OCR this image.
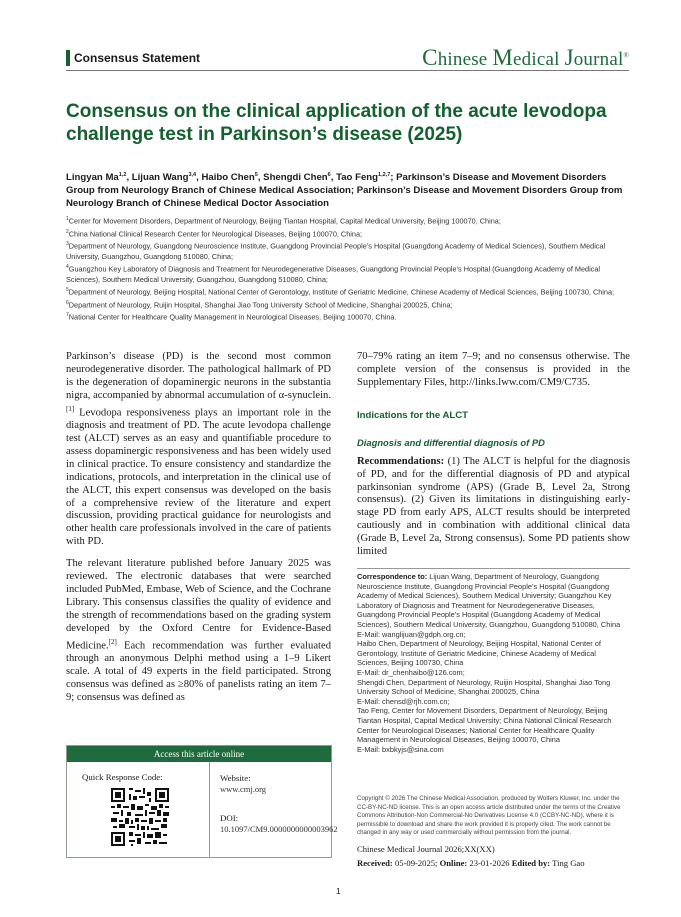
Consensus Statement	Chinese Medical Journal®
Consensus on the clinical application of the acute levodopa challenge test in Parkinson’s disease (2025)
Lingyan Ma$^{1,2}$, Lijuan Wang$^{3,4}$, Haibo Chen$^5$, Shengdi Chen$^6$, Tao Feng$^{1,2,7}$; Parkinson’s Disease and Movement Disorders Group from Neurology Branch of Chinese Medical Association; Parkinson’s Disease and Movement Disorders Group from Neurology Branch of Chinese Medical Doctor Association

$^1$Center for Movement Disorders, Department of Neurology, Beijing Tiantan Hospital, Capital Medical University, Beijing 100070, China;

$^2$China National Clinical Research Center for Neurological Diseases, Beijing 100070, China;

$^3$Department of Neurology, Guangdong Neuroscience Institute, Guangdong Provincial People’s Hospital (Guangdong Academy of Medical Sciences), Southern Medical University, Guangzhou, Guangdong 510080, China;

$^4$Guangzhou Key Laboratory of Diagnosis and Treatment for Neurodegenerative Diseases, Guangdong Provincial People’s Hospital (Guangdong Academy of Medical Sciences), Southern Medical University, Guangzhou, Guangdong 510080, China;

$^5$Department of Neurology, Beijing Hospital, National Center of Gerontology, Institute of Geriatric Medicine, Chinese Academy of Medical Sciences, Beijing 100730, China;

$^6$Department of Neurology, Ruijin Hospital, Shanghai Jiao Tong University School of Medicine, Shanghai 200025, China;

$^7$National Center for Healthcare Quality Management in Neurological Diseases, Beijing 100070, China.

Parkinson’s disease (PD) is the second most common neurodegenerative disorder. The pathological hallmark of PD is the degeneration of dopaminergic neurons in the substantia nigra, accompanied by abnormal accumulation of α-synuclein.[1] Levodopa responsiveness plays an important role in the diagnosis and treatment of PD. The acute levodopa challenge test (ALCT) serves as an easy and quantifiable procedure to assess dopaminergic responsiveness and has been widely used in clinical practice. To ensure consistency and standardize the indications, protocols, and interpretation in the clinical use of the ALCT, this expert consensus was developed on the basis of a comprehensive review of the literature and expert discussion, providing practical guidance for neurologists and other health care professionals involved in the care of patients with PD.

The relevant literature published before January 2025 was reviewed. The electronic databases that were searched included PubMed, Embase, Web of Science, and the Cochrane Library. This consensus classifies the quality of evidence and the strength of recommendations based on the grading system developed by the Oxford Centre for Evidence-Based Medicine.[2] Each recommendation was further evaluated through an anonymous Delphi method using a 1–9 Likert scale. A total of 49 experts in the field participated. Strong consensus was defined as ≥80% of panelists rating an item 7–9; consensus was defined as

Access this article online
Quick Response Code:	Website:
www.cmj.org
DOI:
10.1097/CM9.0000000000003962

70–79% rating an item 7–9; and no consensus otherwise. The complete version of the consensus is provided in the Supplementary Files, http://links.lww.com/CM9/C735.

Indications for the ALCT
Diagnosis and differential diagnosis of PD

Recommendations: (1) The ALCT is helpful for the diagnosis of PD, and for the differential diagnosis of PD and atypical parkinsonian syndrome (APS) (Grade B, Level 2a, Strong consensus). (2) Given its limitations in distinguishing early-stage PD from early APS, ALCT results should be interpreted cautiously and in combination with additional clinical data (Grade B, Level 2a, Strong consensus). Some PD patients show limited

Correspondence to: Lijuan Wang, Department of Neurology, Guangdong Neuroscience Institute, Guangdong Provincial People’s Hospital (Guangdong Academy of Medical Sciences), Southern Medical University; Guangzhou Key Laboratory of Diagnosis and Treatment for Neurodegenerative Diseases, Guangdong Provincial People’s Hospital (Guangdong Academy of Medical Sciences), Southern Medical University, Guangzhou, Guangdong 510080, China

E-Mail: wanglijuan@gdph.org.cn;

Haibo Chen, Department of Neurology, Beijing Hospital, National Center of Gerontology, Institute of Geriatric Medicine, Chinese Academy of Medical Sciences, Beijing 100730, China

E-Mail: dr_chenhaibo@126.com;

Shengdi Chen, Department of Neurology, Ruijin Hospital, Shanghai Jiao Tong University School of Medicine, Shanghai 200025, China

E-Mail: chensd@rjh.com.cn;

Tao Feng, Center for Movement Disorders, Department of Neurology, Beijing Tiantan Hospital, Capital Medical University; China National Clinical Research Center for Neurological Diseases; National Center for Healthcare Quality Management in Neurological Diseases, Beijing 100070, China

E-Mail: bxbkyjs@sina.com

Copyright © 2026 The Chinese Medical Association, produced by Wolters Kluwer, Inc. under the CC-BY-NC-ND license. This is an open access article distributed under the terms of the Creative Commons Attribution-Non Commercial-No Derivatives License 4.0 (CCBY-NC-ND), where it is permissible to download and share the work provided it is properly cited. The work cannot be changed in any way or used commercially without permission from the journal.

Chinese Medical Journal 2026;XX(XX)
Received: 05-09-2025; Online: 23-01-2026 Edited by: Ting Gao
1
